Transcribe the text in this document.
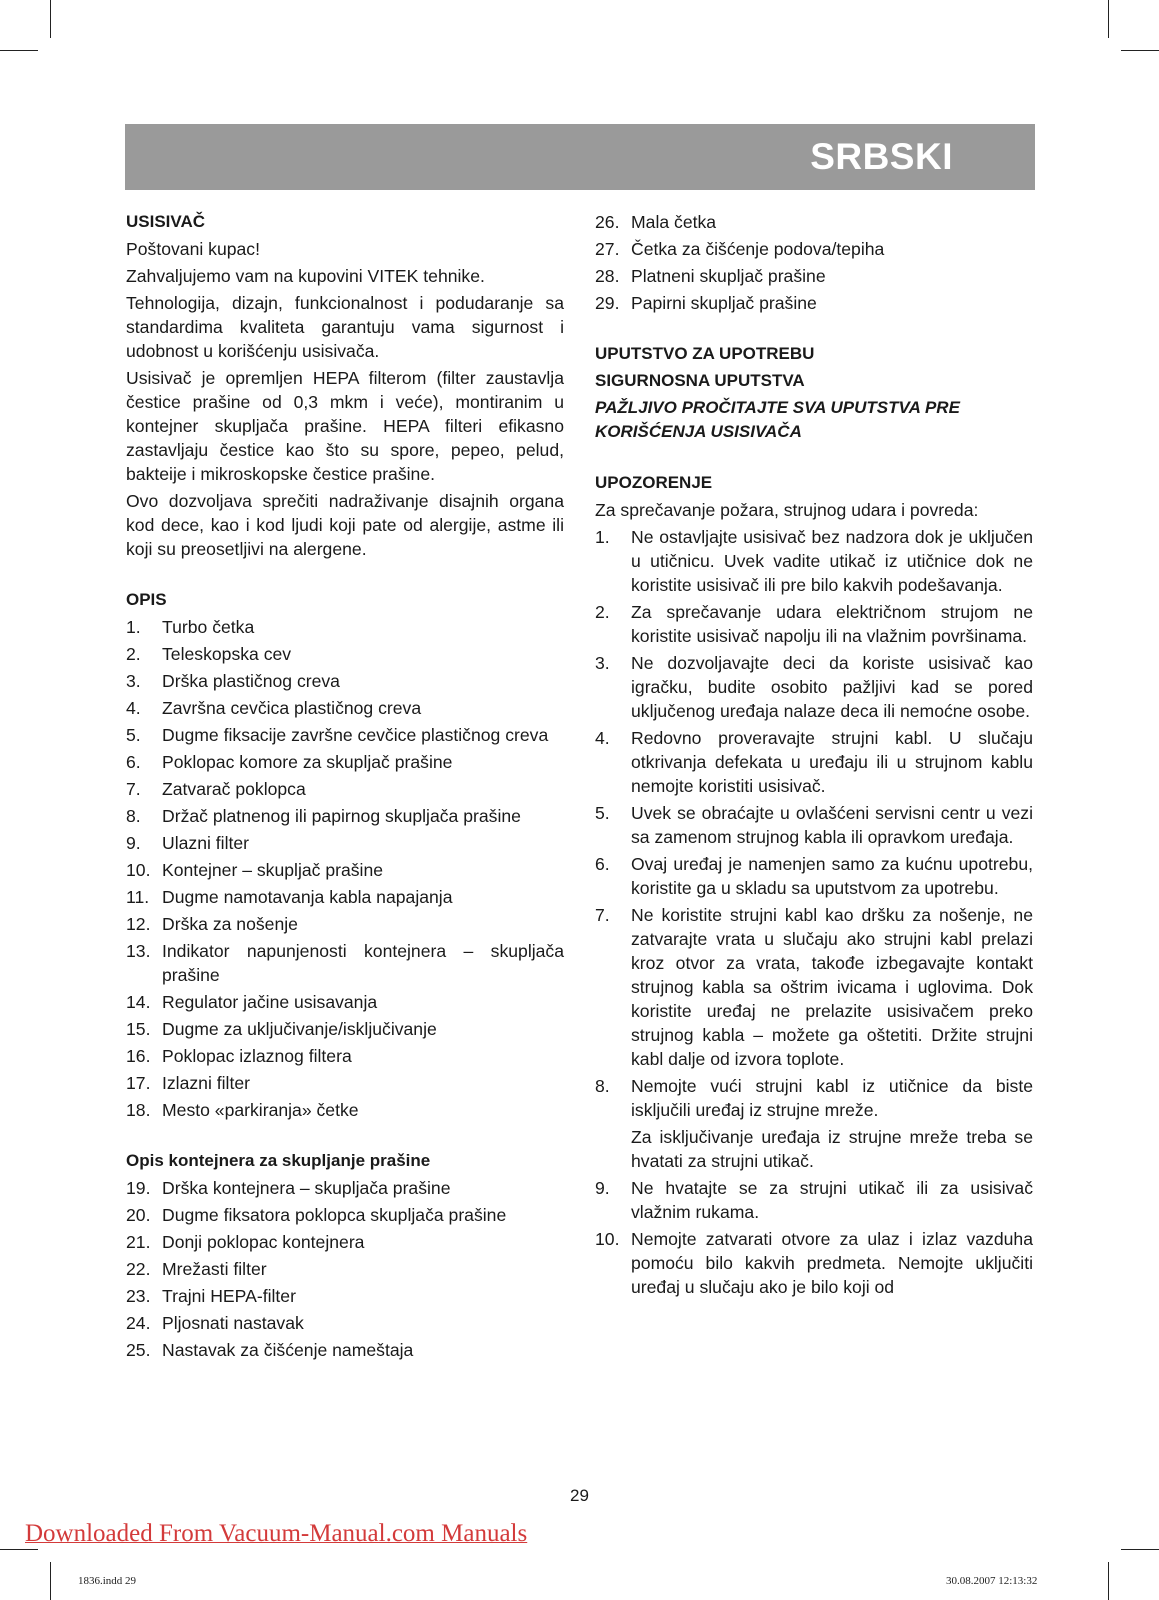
SRBSKI
USISIVAČ

Poštovani kupac!

Zahvaljujemo vam na kupovini VITEK tehnike.

Tehnologija, dizajn, funkcionalnost i podudaranje sa standardima kvaliteta garantuju vama sigurnost i udobnost u korišćenju usisivača.

Usisivač je opremljen HEPA filterom (filter zaustavlja čestice prašine od 0,3 mkm i veće), montiranim u kontejner skupljača prašine. HEPA filteri efikasno zastavljaju čestice kao što su spore, pepeo, pelud, bakteije i mikroskopske čestice prašine.

Ovo dozvoljava sprečiti nadraživanje disajnih organa kod dece, kao i kod ljudi koji pate od alergije, astme ili koji su preosetljivi na alergene.

OPIS
1. Turbo četka
2. Teleskopska cev
3. Drška plastičnog creva
4. Završna cevčica plastičnog creva
5. Dugme fiksacije završne cevčice plastičnog creva
6. Poklopac komore za skupljač prašine
7. Zatvarač poklopca
8. Držač platnenog ili papirnog skupljača prašine
9. Ulazni filter
10. Kontejner – skupljač prašine
11. Dugme namotavanja kabla napajanja
12. Drška za nošenje
13. Indikator napunjenosti kontejnera – skupljača prašine
14. Regulator jačine usisavanja
15. Dugme za uključivanje/isključivanje
16. Poklopac izlaznog filtera
17. Izlazni filter
18. Mesto «parkiranja» četke
Opis kontejnera za skupljanje prašine
19. Drška kontejnera – skupljača prašine
20. Dugme fiksatora poklopca skupljača prašine
21. Donji poklopac kontejnera
22. Mrežasti filter
23. Trajni HEPA-filter
24. Pljosnati nastavak
25. Nastavak za čišćenje nameštaja
26. Mala četka
27. Četka za čišćenje podova/tepiha
28. Platneni skupljač prašine
29. Papirni skupljač prašine
UPUTSTVO ZA UPOTREBU
SIGURNOSNA UPUTSTVA
PAŽLJIVO PROČITAJTE SVA UPUTSTVA PRE KORIŠĆENJA USISIVAČA
UPOZORENJE

Za sprečavanje požara, strujnog udara i povreda:

1. Ne ostavljajte usisivač bez nadzora dok je uključen u utičnicu. Uvek vadite utikač iz utičnice dok ne koristite usisivač ili pre bilo kakvih podešavanja.
2. Za sprečavanje udara električnom strujom ne koristite usisivač napolju ili na vlažnim površinama.
3. Ne dozvoljavajte deci da koriste usisivač kao igračku, budite osobito pažljivi kad se pored uključenog uređaja nalaze deca ili nemoćne osobe.
4. Redovno proveravajte strujni kabl. U slučaju otkrivanja defekata u uređaju ili u strujnom kablu nemojte koristiti usisivač.
5. Uvek se obraćajte u ovlašćeni servisni centr u vezi sa zamenom strujnog kabla ili opravkom uređaja.
6. Ovaj uređaj je namenjen samo za kućnu upotrebu, koristite ga u skladu sa uputstvom za upotrebu.
7. Ne koristite strujni kabl kao dršku za nošenje, ne zatvarajte vrata u slučaju ako strujni kabl prelazi kroz otvor za vrata, takođe izbegavajte kontakt strujnog kabla sa oštrim ivicama i uglovima. Dok koristite uređaj ne prelazite usisivačem preko strujnog kabla – možete ga oštetiti. Držite strujni kabl dalje od izvora toplote.
8. Nemojte vući strujni kabl iz utičnice da biste isključili uređaj iz strujne mreže.
Za isključivanje uređaja iz strujne mreže treba se hvatati za strujni utikač.
9. Ne hvatajte se za strujni utikač ili za usisivač vlažnim rukama.
10. Nemojte zatvarati otvore za ulaz i izlaz vazduha pomoću bilo kakvih predmeta. Nemojte uključiti uređaj u slučaju ako je bilo koji od
29
Downloaded From Vacuum-Manual.com Manuals
1836.indd 29	30.08.2007 12:13:32
